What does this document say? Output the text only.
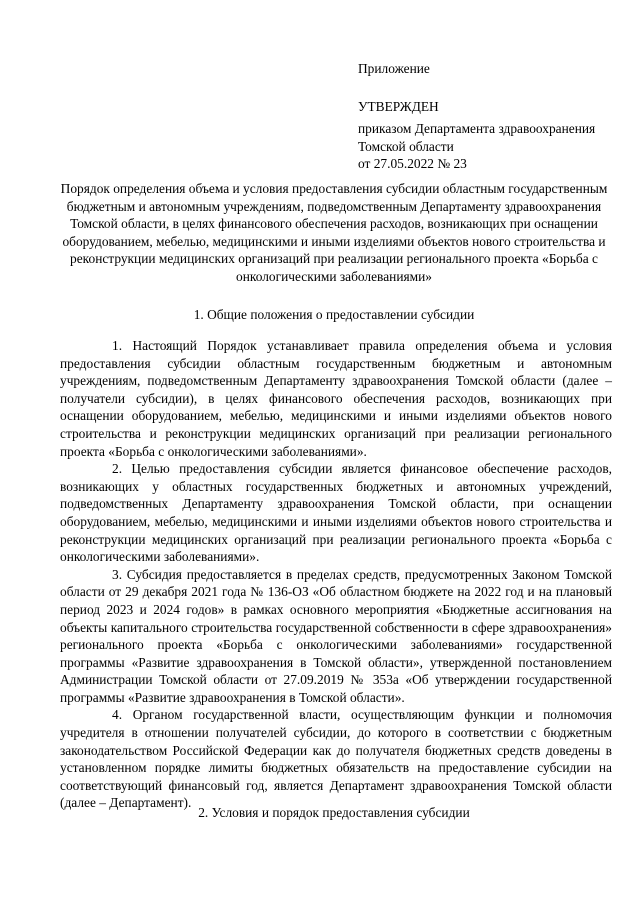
Приложение
УТВЕРЖДЕН
приказом Департамента здравоохранения
Томской области
от 27.05.2022 № 23
Порядок определения объема и условия предоставления субсидии областным государственным бюджетным и автономным учреждениям, подведомственным Департаменту здравоохранения Томской области, в целях финансового обеспечения расходов, возникающих при оснащении оборудованием, мебелью, медицинскими и иными изделиями объектов нового строительства и реконструкции медицинских организаций при реализации регионального проекта «Борьба с онкологическими заболеваниями»
1. Общие положения о предоставлении субсидии

1. Настоящий Порядок устанавливает правила определения объема и условия предоставления субсидии областным государственным бюджетным и автономным учреждениям, подведомственным Департаменту здравоохранения Томской области (далее – получатели субсидии), в целях финансового обеспечения расходов, возникающих при оснащении оборудованием, мебелью, медицинскими и иными изделиями объектов нового строительства и реконструкции медицинских организаций при реализации регионального проекта «Борьба с онкологическими заболеваниями».

2. Целью предоставления субсидии является финансовое обеспечение расходов, возникающих у областных государственных бюджетных и автономных учреждений, подведомственных Департаменту здравоохранения Томской области, при оснащении оборудованием, мебелью, медицинскими и иными изделиями объектов нового строительства и реконструкции медицинских организаций при реализации регионального проекта «Борьба с онкологическими заболеваниями».

3. Субсидия предоставляется в пределах средств, предусмотренных Законом Томской области от 29 декабря 2021 года № 136-ОЗ «Об областном бюджете на 2022 год и на плановый период 2023 и 2024 годов» в рамках основного мероприятия «Бюджетные ассигнования на объекты капитального строительства государственной собственности в сфере здравоохранения» регионального проекта «Борьба с онкологическими заболеваниями» государственной программы «Развитие здравоохранения в Томской области», утвержденной постановлением Администрации Томской области от 27.09.2019 № 353а «Об утверждении государственной программы «Развитие здравоохранения в Томской области».

4. Органом государственной власти, осуществляющим функции и полномочия учредителя в отношении получателей субсидии, до которого в соответствии с бюджетным законодательством Российской Федерации как до получателя бюджетных средств доведены в установленном порядке лимиты бюджетных обязательств на предоставление субсидии на соответствующий финансовый год, является Департамент здравоохранения Томской области (далее – Департамент).

2. Условия и порядок предоставления субсидии
